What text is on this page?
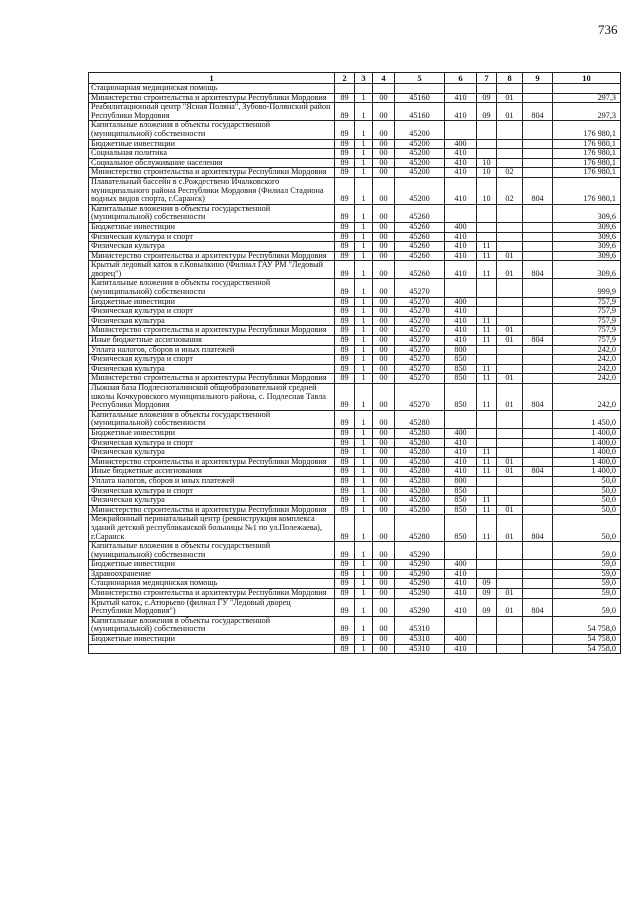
736
1	2	3	4	5	6	7	8	9	10
Стационарная медицинская помощь									
Министерство строительства и архитектуры Республики Мордовия	89	1	00	45160	410	09	01		297,3
Реабилитационный центр "Ясная Поляна", Зубово-Полянский район Республики Мордовия	89	1	00	45160	410	09	01	804	297,3
Капитальные вложения в объекты государственной (муниципальной) собственности	89	1	00	45200					176 980,1
Бюджетные инвестиции	89	1	00	45200	400				176 980,1
Социальная политика	89	1	00	45200	410				176 980,1
Социальное обслуживание населения	89	1	00	45200	410	10			176 980,1
Министерство строительства и архитектуры Республики Мордовия	89	1	00	45200	410	10	02		176 980,1
Плавательный бассейн в с.Рождествено Ичалковского муниципального района Республики Мордовия (Филиал Стадиона водных видов спорта, г.Саранск)	89	1	00	45200	410	10	02	804	176 980,1
Капитальные вложения в объекты государственной (муниципальной) собственности	89	1	00	45260					309,6
Бюджетные инвестиции	89	1	00	45260	400				309,6
Физическая культура и спорт	89	1	00	45260	410				309,6
Физическая культура	89	1	00	45260	410	11			309,6
Министерство строительства и архитектуры Республики Мордовия	89	1	00	45260	410	11	01		309,6
Крытый ледовый каток в г.Ковылкино (Филиал ГАУ РМ "Ледовый дворец")	89	1	00	45260	410	11	01	804	309,6
Капитальные вложения в объекты государственной (муниципальной) собственности	89	1	00	45270					999,9
Бюджетные инвестиции	89	1	00	45270	400				757,9
Физическая культура и спорт	89	1	00	45270	410				757,9
Физическая культура	89	1	00	45270	410	11			757,9
Министерство строительства и архитектуры Республики Мордовия	89	1	00	45270	410	11	01		757,9
Иные бюджетные ассигнования	89	1	00	45270	410	11	01	804	757,9
Уплата налогов, сборов и иных платежей	89	1	00	45270	800				242,0
Физическая культура и спорт	89	1	00	45270	850				242,0
Физическая культура	89	1	00	45270	850	11			242,0
Министерство строительства и архитектуры Республики Мордовия	89	1	00	45270	850	11	01		242,0
Лыжная база Подлесноталинской общеобразовательной средней школы Кочкуровского муниципального района, с. Подлесная Тавла Республики Мордовия	89	1	00	45270	850	11	01	804	242,0
Капитальные вложения в объекты государственной (муниципальной) собственности	89	1	00	45280					1 450,0
Бюджетные инвестиции	89	1	00	45280	400				1 400,0
Физическая культура и спорт	89	1	00	45280	410				1 400,0
Физическая культура	89	1	00	45280	410	11			1 400,0
Министерство строительства и архитектуры Республики Мордовия	89	1	00	45280	410	11	01		1 400,0
Иные бюджетные ассигнования	89	1	00	45280	410	11	01	804	1 400,0
Уплата налогов, сборов и иных платежей	89	1	00	45280	800				50,0
Физическая культура и спорт	89	1	00	45280	850				50,0
Физическая культура	89	1	00	45280	850	11			50,0
Министерство строительства и архитектуры Республики Мордовия	89	1	00	45280	850	11	01		50,0
Межрайонный перинатальный центр (реконструкция комплекса зданий детской республиканской больницы №1 по ул.Полежаева), г.Саранск	89	1	00	45280	850	11	01	804	50,0
Капитальные вложения в объекты государственной (муниципальной) собственности	89	1	00	45290					59,0
Бюджетные инвестиции	89	1	00	45290	400				59,0
Здравоохранение	89	1	00	45290	410				59,0
Стационарная медицинская помощь	89	1	00	45290	410	09			59,0
Министерство строительства и архитектуры Республики Мордовия	89	1	00	45290	410	09	01		59,0
Крытый каток, с.Атюрьево (филиал ГУ "Ледовый дворец Республики Мордовия")	89	1	00	45290	410	09	01	804	59,0
Капитальные вложения в объекты государственной (муниципальной) собственности	89	1	00	45310					54 758,0
Бюджетные инвестиции	89	1	00	45310	400				54 758,0
	89	1	00	45310	410				54 758,0
